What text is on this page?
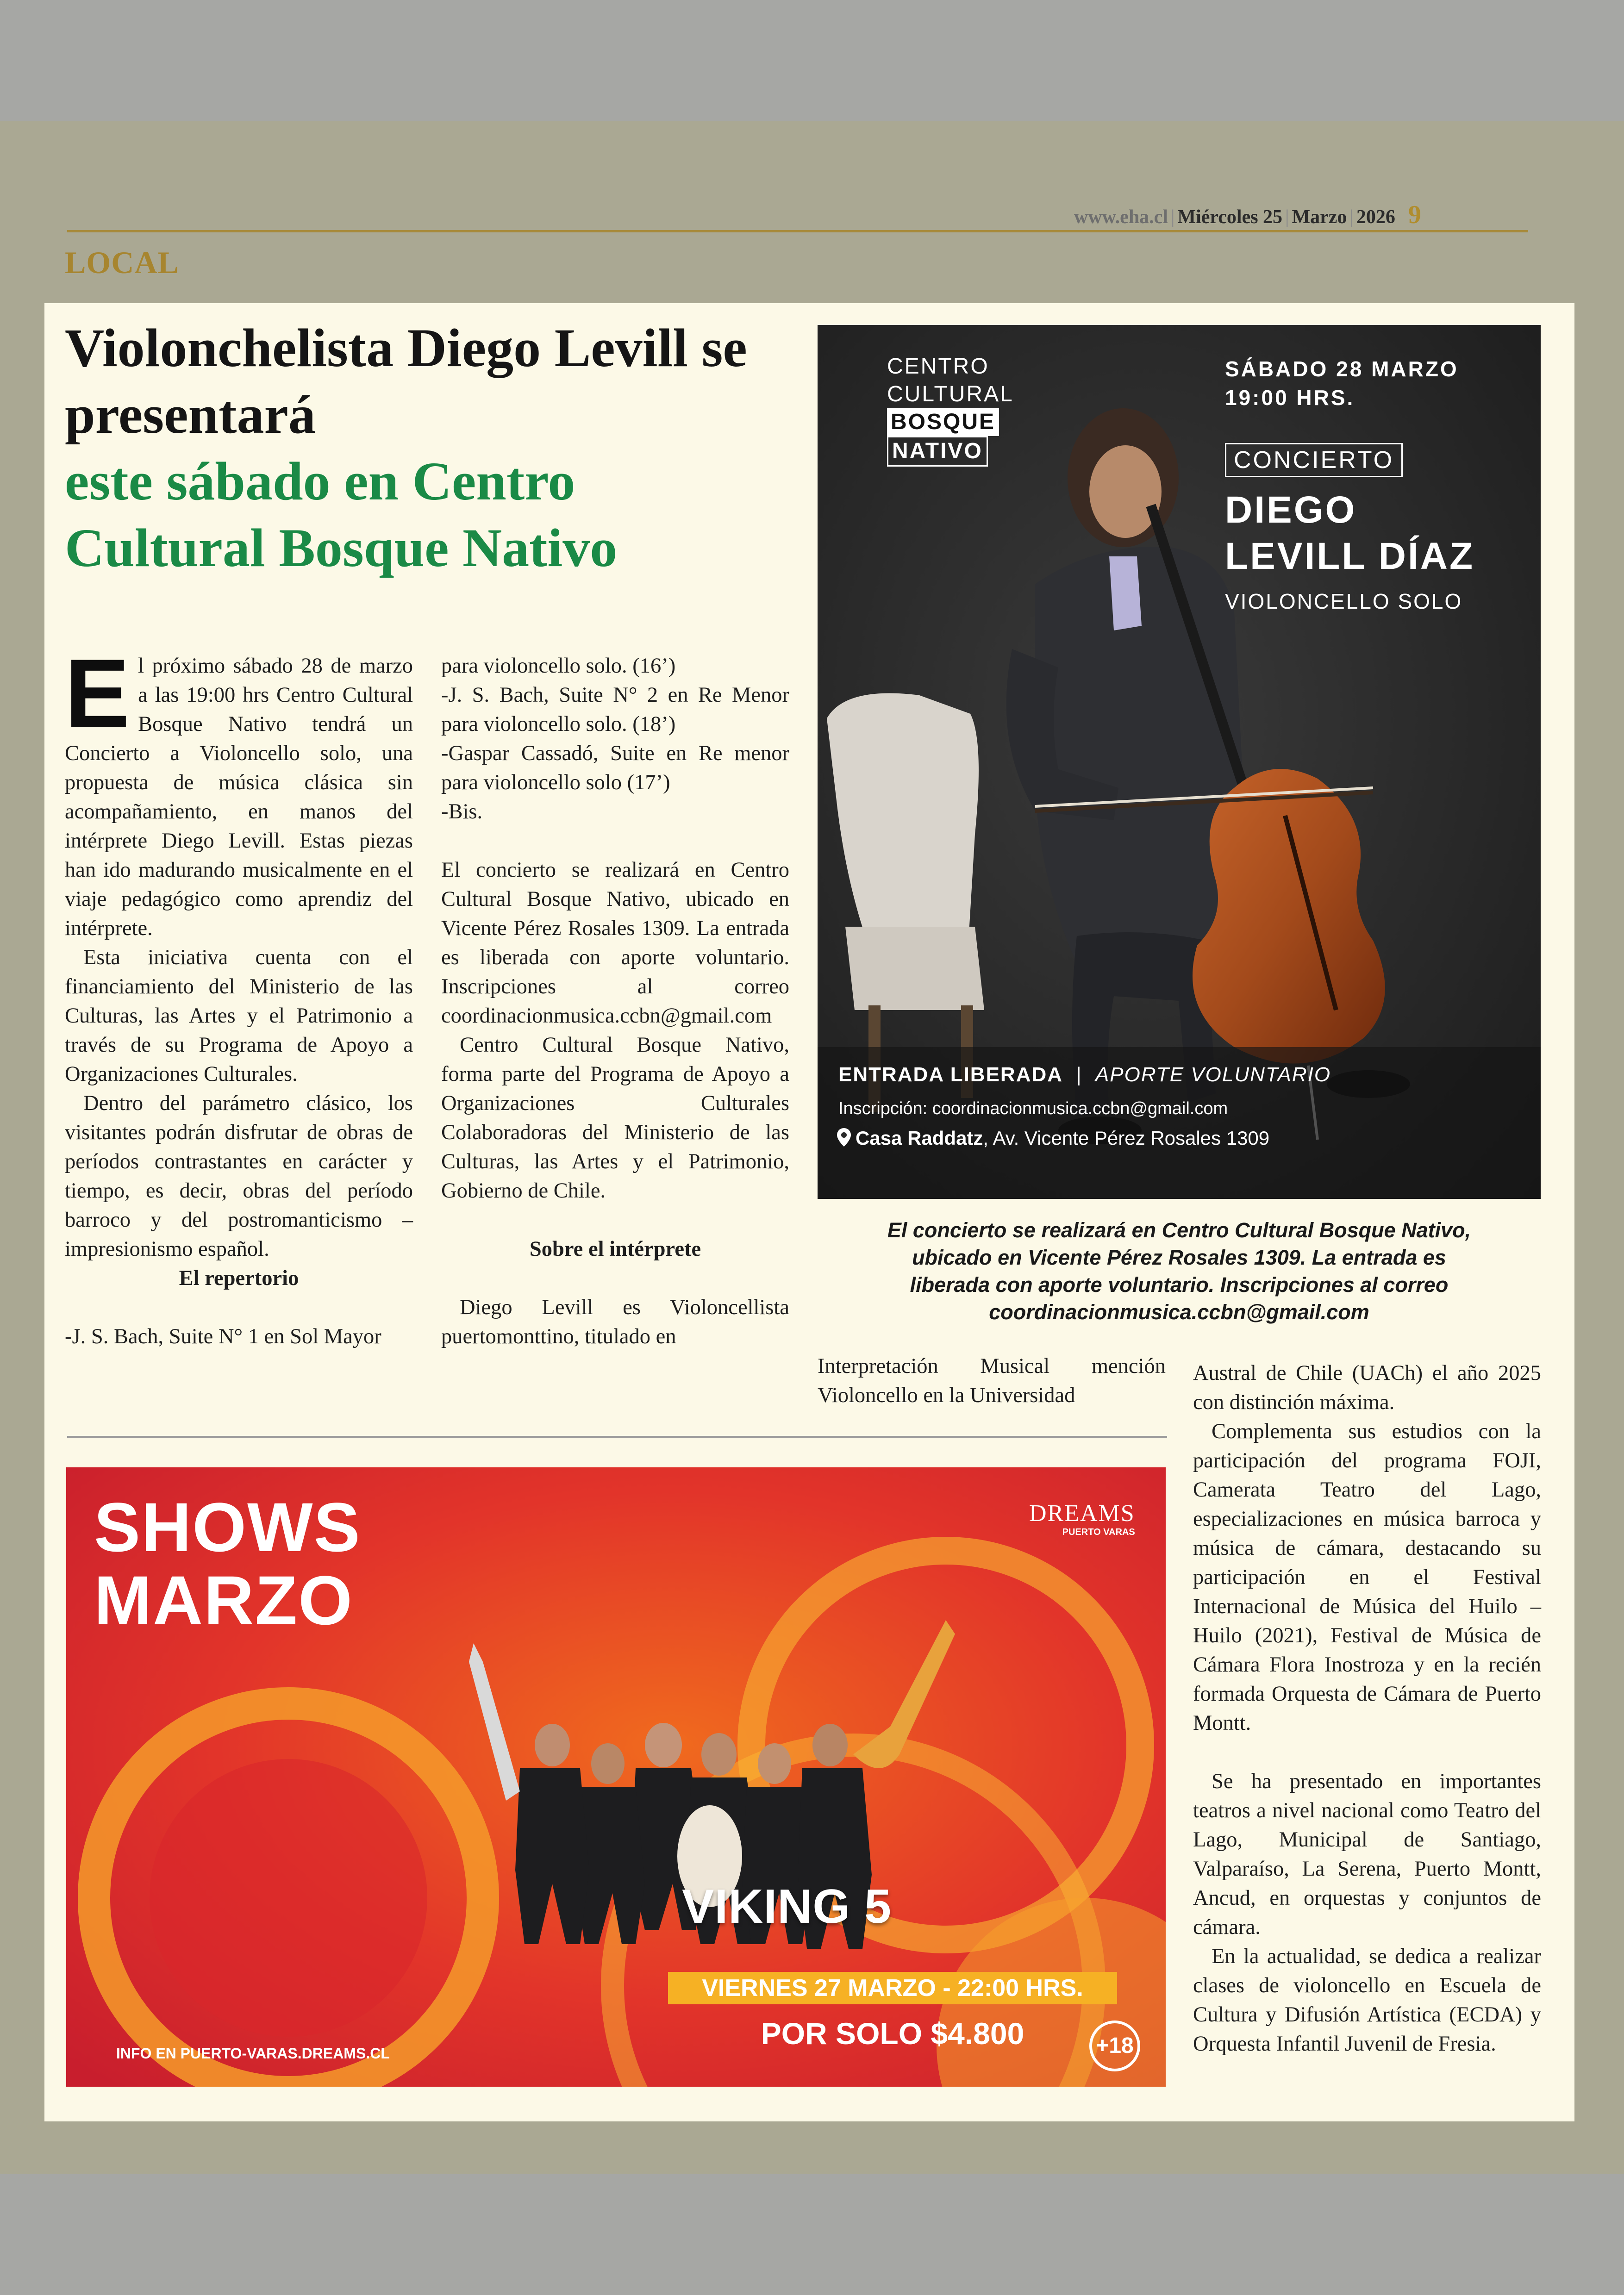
www.eha.cl | Miércoles 25 | Marzo | 2026 9
LOCAL
Violonchelista Diego Levill se presentará
este sábado en Centro Cultural Bosque Nativo

El próximo sábado 28 de marzo a las 19:00 hrs Centro Cultural Bosque Nativo tendrá un Concierto a Violoncello solo, una propuesta de música clásica sin acompañamiento, en manos del intérprete Diego Levill. Estas piezas han ido madurando musicalmente en el viaje pedagógico como aprendiz del intérprete.

Esta iniciativa cuenta con el financiamiento del Ministerio de las Culturas, las Artes y el Patrimonio a través de su Programa de Apoyo a Organizaciones Culturales.

Dentro del parámetro clásico, los visitantes podrán disfrutar de obras de períodos contrastantes en carácter y tiempo, es decir, obras del período barroco y del postromanticismo – impresionismo español.

El repertorio

-J. S. Bach, Suite N° 1 en Sol Mayor

para violoncello solo. (16’)

-J. S. Bach, Suite N° 2 en Re Menor para violoncello solo. (18’)

-Gaspar Cassadó, Suite en Re menor para violoncello solo (17’)

-Bis.

El concierto se realizará en Centro Cultural Bosque Nativo, ubicado en Vicente Pérez Rosales 1309. La entrada es liberada con aporte voluntario. Inscripciones al correo coordinacionmusica.ccbn@gmail.com

Centro Cultural Bosque Nativo, forma parte del Programa de Apoyo a Organizaciones Culturales Colaboradoras del Ministerio de las Culturas, las Artes y el Patrimonio, Gobierno de Chile.

Sobre el intérprete

Diego Levill es Violoncellista puertomonttino, titulado en

Interpretación Musical mención Violoncello en la Universidad

Austral de Chile (UACh) el año 2025 con distinción máxima.

Complementa sus estudios con la participación del programa FOJI, Camerata Teatro del Lago, especializaciones en música barroca y música de cámara, destacando su participación en el Festival Internacional de Música del Huilo – Huilo (2021), Festival de Música de Cámara Flora Inostroza y en la recién formada Orquesta de Cámara de Puerto Montt.

Se ha presentado en importantes teatros a nivel nacional como Teatro del Lago, Municipal de Santiago, Valparaíso, La Serena, Puerto Montt, Ancud, en orquestas y conjuntos de cámara.

En la actualidad, se dedica a realizar clases de violoncello en Escuela de Cultura y Difusión Artística (ECDA) y Orquesta Infantil Juvenil de Fresia.

CENTRO
CULTURAL
BOSQUE
NATIVO
SÁBADO 28 MARZO
19:00 HRS.
CONCIERTO
DIEGO
LEVILL DÍAZ
VIOLONCELLO SOLO
ENTRADA LIBERADA | APORTE VOLUNTARIO
Inscripción: coordinacionmusica.ccbn@gmail.com
Casa Raddatz, Av. Vicente Pérez Rosales 1309
El concierto se realizará en Centro Cultural Bosque Nativo,
ubicado en Vicente Pérez Rosales 1309. La entrada es
liberada con aporte voluntario. Inscripciones al correo
coordinacionmusica.ccbn@gmail.com
SHOWS
MARZO
DREAMS
PUERTO VARAS
VIKING 5
VIERNES 27 MARZO - 22:00 HRS.
POR SOLO $4.800
INFO EN PUERTO-VARAS.DREAMS.CL	+18
